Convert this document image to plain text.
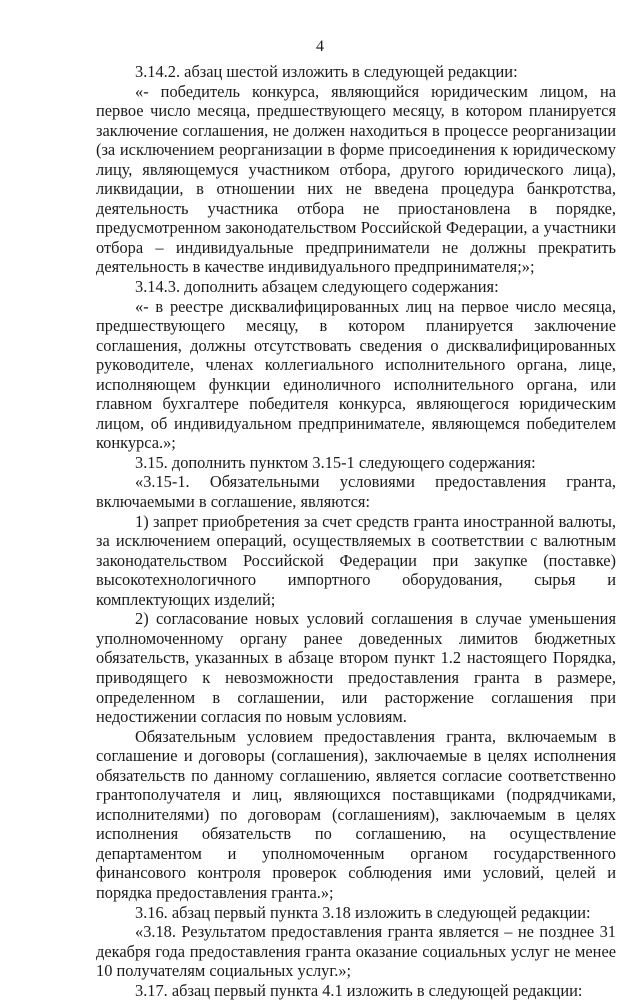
4

3.14.2. абзац шестой изложить в следующей редакции:

«- победитель конкурса, являющийся юридическим лицом, на первое число месяца, предшествующего месяцу, в котором планируется заключение соглашения, не должен находиться в процессе реорганизации (за исключением реорганизации в форме присоединения к юридическому лицу, являющемуся участником отбора, другого юридического лица), ликвидации, в отношении них не введена процедура банкротства, деятельность участника отбора не приостановлена в порядке, предусмотренном законодательством Российской Федерации, а участники отбора – индивидуальные предприниматели не должны прекратить деятельность в качестве индивидуального предпринимателя;»;

3.14.3. дополнить абзацем следующего содержания:

«- в реестре дисквалифицированных лиц на первое число месяца, предшествующего месяцу, в котором планируется заключение соглашения, должны отсутствовать сведения о дисквалифицированных руководителе, членах коллегиального исполнительного органа, лице, исполняющем функции единоличного исполнительного органа, или главном бухгалтере победителя конкурса, являющегося юридическим лицом, об индивидуальном предпринимателе, являющемся победителем конкурса.»;

3.15. дополнить пунктом 3.15-1 следующего содержания:

«3.15-1. Обязательными условиями предоставления гранта, включаемыми в соглашение, являются:

1) запрет приобретения за счет средств гранта иностранной валюты, за исключением операций, осуществляемых в соответствии с валютным законодательством Российской Федерации при закупке (поставке) высокотехнологичного импортного оборудования, сырья и комплектующих изделий;

2) согласование новых условий соглашения в случае уменьшения уполномоченному органу ранее доведенных лимитов бюджетных обязательств, указанных в абзаце втором пункт 1.2 настоящего Порядка, приводящего к невозможности предоставления гранта в размере, определенном в соглашении, или расторжение соглашения при недостижении согласия по новым условиям.

Обязательным условием предоставления гранта, включаемым в соглашение и договоры (соглашения), заключаемые в целях исполнения обязательств по данному соглашению, является согласие соответственно грантополучателя и лиц, являющихся поставщиками (подрядчиками, исполнителями) по договорам (соглашениям), заключаемым в целях исполнения обязательств по соглашению, на осуществление департаментом и уполномоченным органом государственного финансового контроля проверок соблюдения ими условий, целей и порядка предоставления гранта.»;

3.16. абзац первый пункта 3.18 изложить в следующей редакции:

«3.18. Результатом предоставления гранта является – не позднее 31 декабря года предоставления гранта оказание социальных услуг не менее 10 получателям социальных услуг.»;

3.17. абзац первый пункта 4.1 изложить в следующей редакции:
